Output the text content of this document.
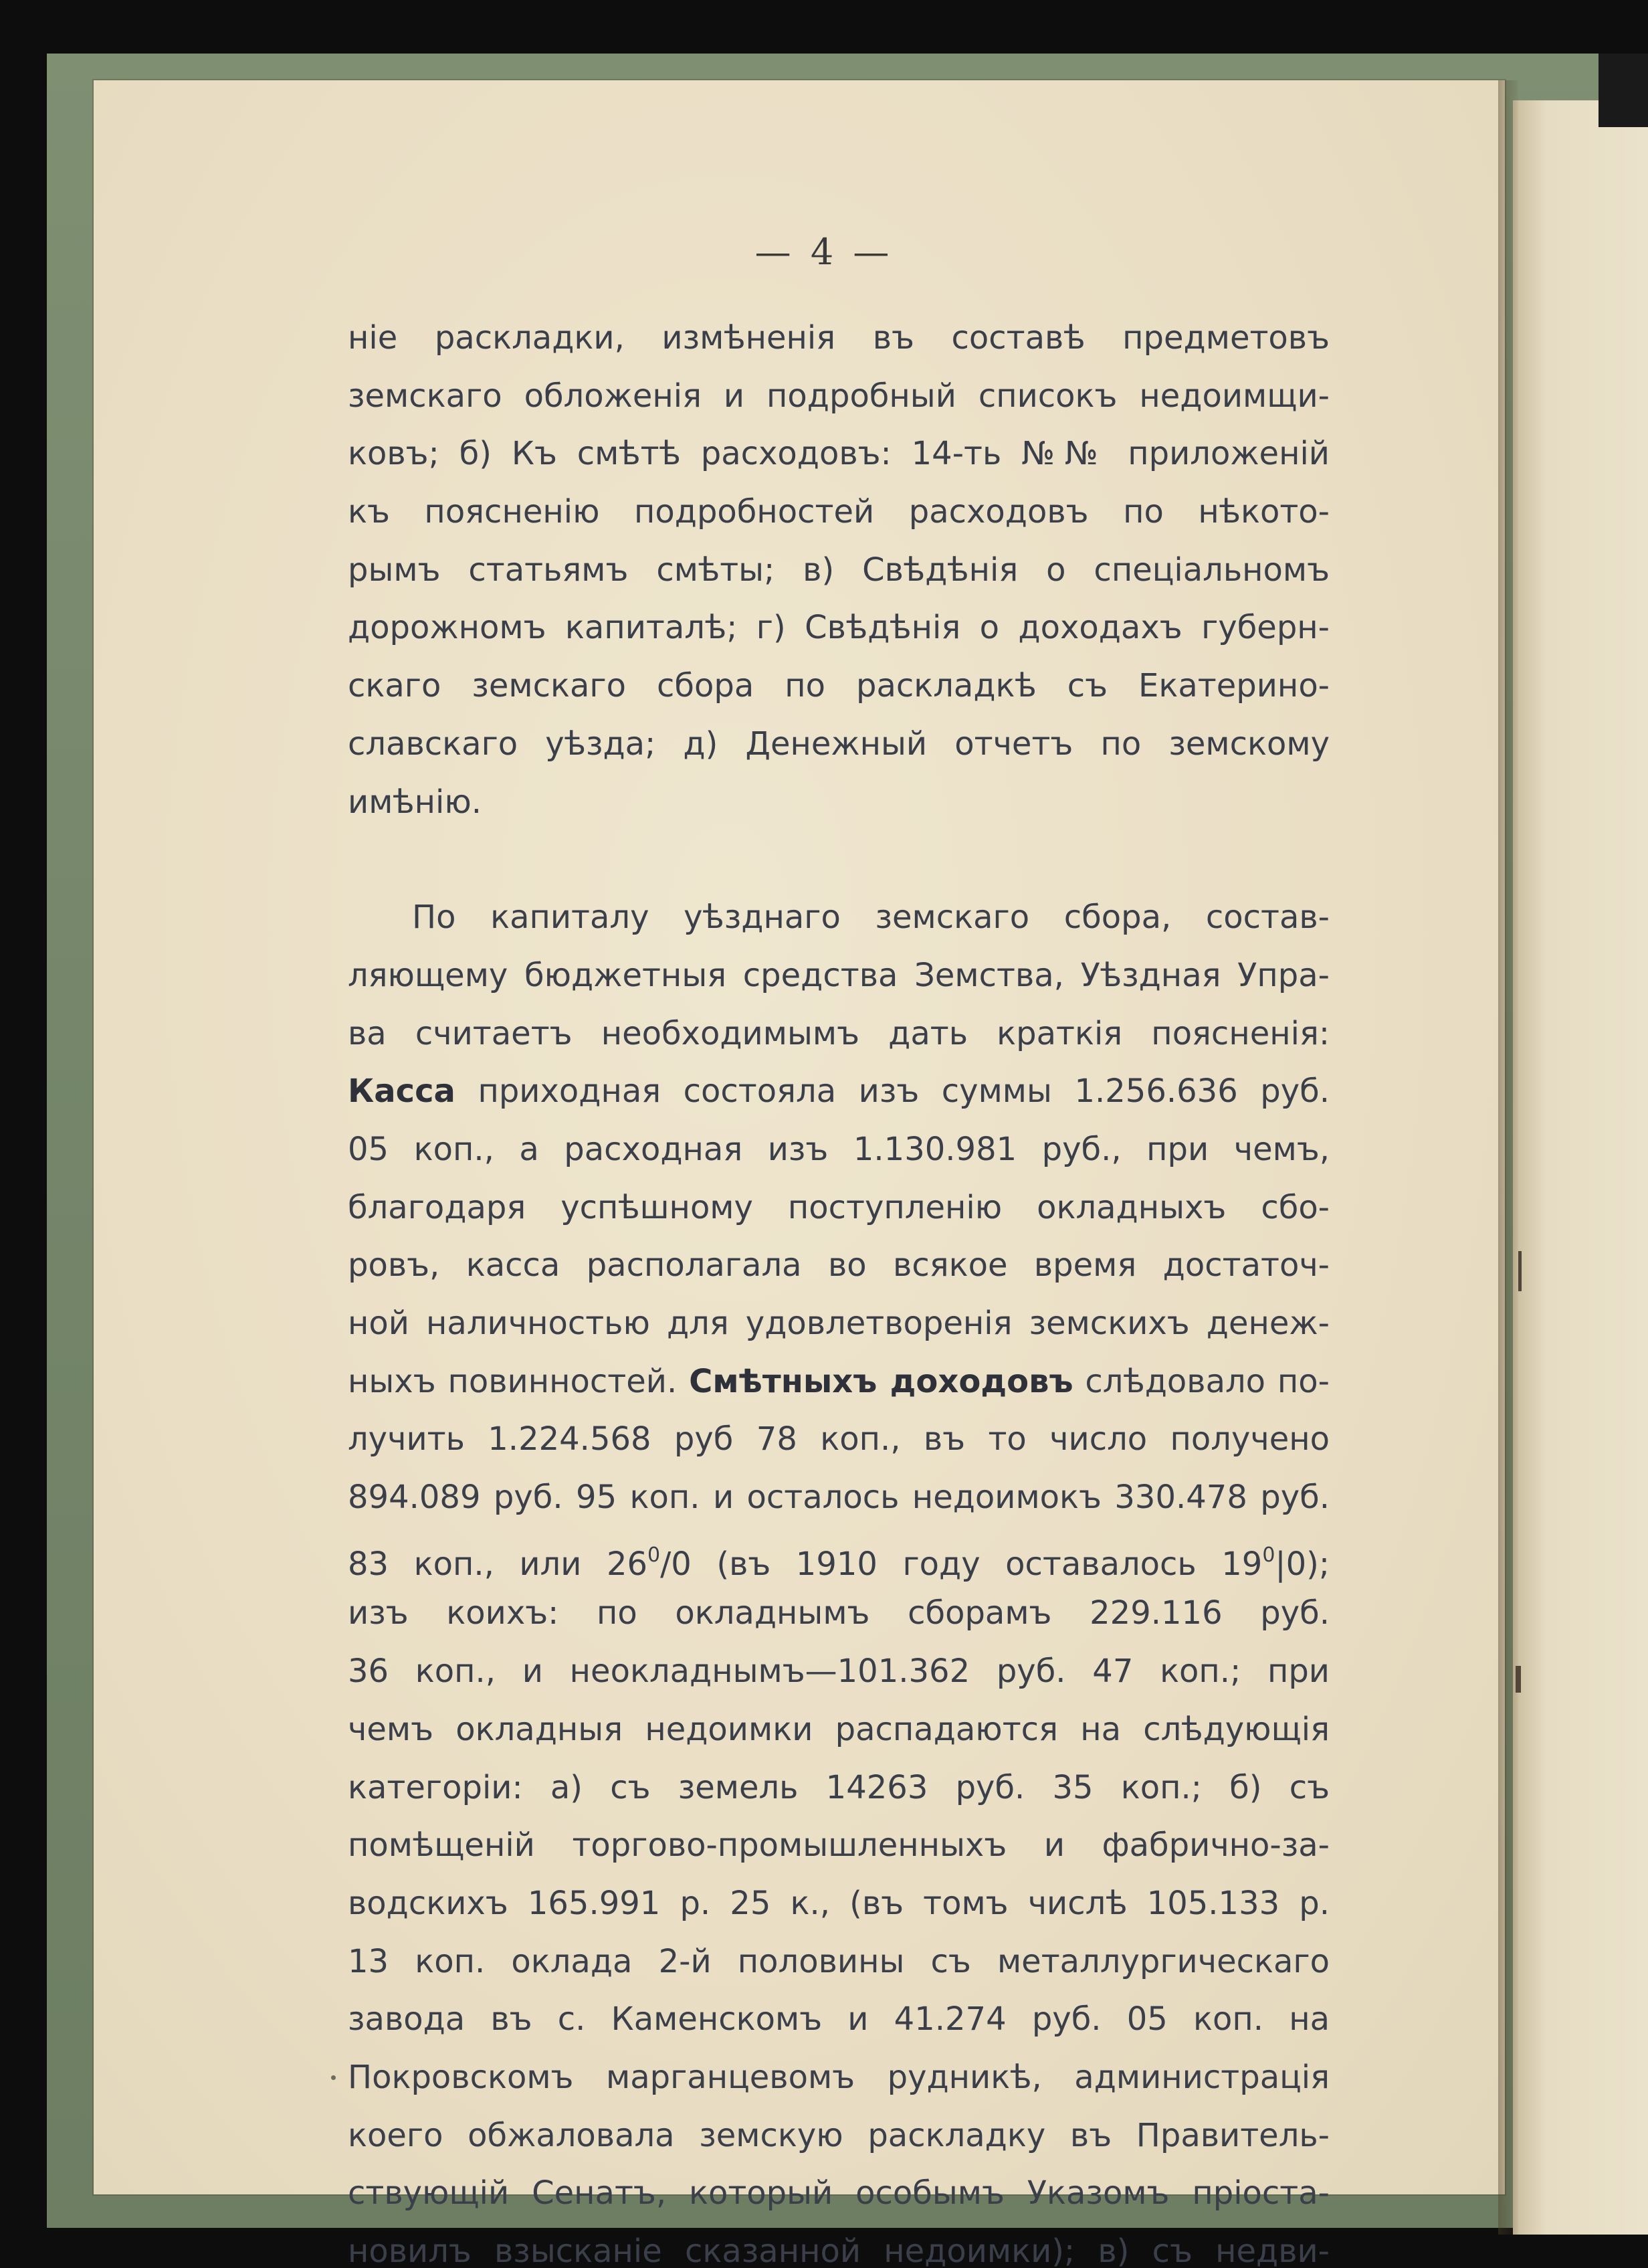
— 4 —
ніе раскладки, измѣненія въ составѣ предметовъ
земскаго обложенія и подробный списокъ недоимщи-
ковъ; б) Къ смѣтѣ расходовъ: 14-ть №№ приложеній
къ поясненію подробностей расходовъ по нѣкото-
рымъ статьямъ смѣты; в) Свѣдѣнія о спеціальномъ
дорожномъ капиталѣ; г) Свѣдѣнія о доходахъ губерн-
скаго земскаго сбора по раскладкѣ съ Екатерино-
славскаго уѣзда; д) Денежный отчетъ по земскому
имѣнію.
По капиталу уѣзднаго земскаго сбора, состав-
ляющему бюджетныя средства Земства, Уѣздная Упра-
ва считаетъ необходимымъ дать краткія поясненія:
Касса приходная состояла изъ суммы 1.256.636 руб.
05 коп., а расходная изъ 1.130.981 руб., при чемъ,
благодаря успѣшному поступленію окладныхъ сбо-
ровъ, касса располагала во всякое время достаточ-
ной наличностью для удовлетворенія земскихъ денеж-
ныхъ повинностей. Смѣтныхъ доходовъ слѣдовало по-
лучить 1.224.568 руб 78 коп., въ то число получено
894.089 руб. 95 коп. и осталось недоимокъ 330.478 руб.
83 коп., или $26^0/0$ (въ 1910 году оставалось $19^0|0$);
изъ коихъ: по окладнымъ сборамъ 229.116 руб.
36 коп., и неокладнымъ—101.362 руб. 47 коп.; при
чемъ окладныя недоимки распадаются на слѣдующія
категоріи: а) съ земель 14263 руб. 35 коп.; б) съ
помѣщеній торгово-промышленныхъ и фабрично-за-
водскихъ 165.991 р. 25 к., (въ томъ числѣ 105.133 р.
13 коп. оклада 2-й половины съ металлургическаго
завода въ с. Каменскомъ и 41.274 руб. 05 коп. на
Покровскомъ марганцевомъ рудникѣ, администрація
коего обжаловала земскую раскладку въ Правитель-
ствующій Сенатъ, который особымъ Указомъ пріоста-
новилъ взысканіе сказанной недоимки); в) съ недви-
